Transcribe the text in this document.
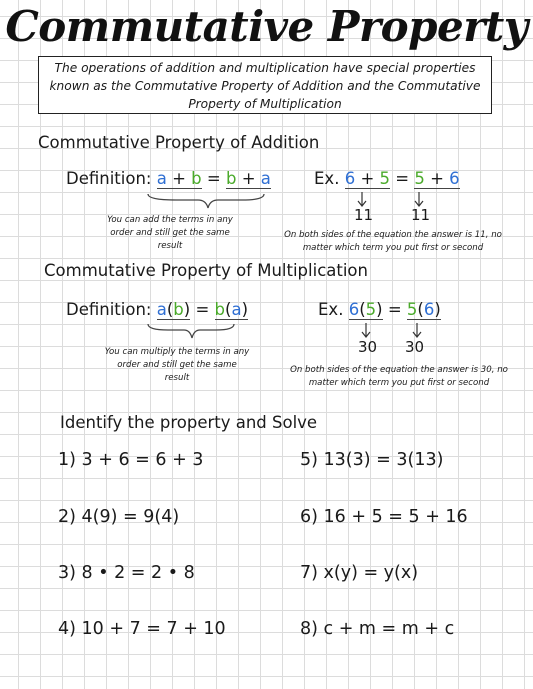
Commutative Property
The operations of addition and multiplication have special properties known as the Commutative Property of Addition and the Commutative Property of Multiplication
Commutative Property of Addition
Definition: a + b = b + a
You can add the terms in any order and still get the same result
Ex. 6 + 5 = 5 + 6
11	11
On both sides of the equation the answer is 11, no matter which term you put first or second
Commutative Property of Multiplication
Definition: a(b) = b(a)
You can multiply the terms in any order and still get the same result
Ex. 6(5) = 5(6)
30 30
On both sides of the equation the answer is 30, no matter which term you put first or second
Identify the property and Solve
1) 3 + 6 = 6 + 3
2) 4(9) = 9(4)
3) 8 • 2 = 2 • 8
4) 10 + 7 = 7 + 10
5) 13(3) = 3(13)
6) 16 + 5 = 5 + 16
7) x(y) = y(x)
8) c + m = m + c
